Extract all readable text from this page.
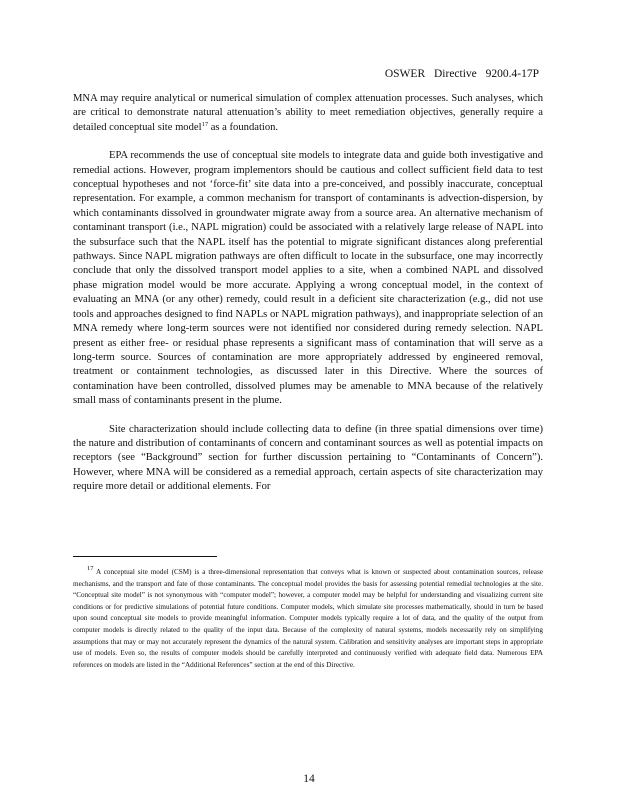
OSWER Directive 9200.4-17P

MNA may require analytical or numerical simulation of complex attenuation processes. Such analyses, which are critical to demonstrate natural attenuation’s ability to meet remediation objectives, generally require a detailed conceptual site model$^{17}$ as a foundation.

EPA recommends the use of conceptual site models to integrate data and guide both investigative and remedial actions. However, program implementors should be cautious and collect sufficient field data to test conceptual hypotheses and not ‘force-fit’ site data into a pre-conceived, and possibly inaccurate, conceptual representation. For example, a common mechanism for transport of contaminants is advection-dispersion, by which contaminants dissolved in groundwater migrate away from a source area. An alternative mechanism of contaminant transport (i.e., NAPL migration) could be associated with a relatively large release of NAPL into the subsurface such that the NAPL itself has the potential to migrate significant distances along preferential pathways. Since NAPL migration pathways are often difficult to locate in the subsurface, one may incorrectly conclude that only the dissolved transport model applies to a site, when a combined NAPL and dissolved phase migration model would be more accurate. Applying a wrong conceptual model, in the context of evaluating an MNA (or any other) remedy, could result in a deficient site characterization (e.g., did not use tools and approaches designed to find NAPLs or NAPL migration pathways), and inappropriate selection of an MNA remedy where long-term sources were not identified nor considered during remedy selection. NAPL present as either free- or residual phase represents a significant mass of contamination that will serve as a long-term source. Sources of contamination are more appropriately addressed by engineered removal, treatment or containment technologies, as discussed later in this Directive. Where the sources of contamination have been controlled, dissolved plumes may be amenable to MNA because of the relatively small mass of contaminants present in the plume.

Site characterization should include collecting data to define (in three spatial dimensions over time) the nature and distribution of contaminants of concern and contaminant sources as well as potential impacts on receptors (see “Background” section for further discussion pertaining to “Contaminants of Concern”). However, where MNA will be considered as a remedial approach, certain aspects of site characterization may require more detail or additional elements. For

$^{17}$ A conceptual site model (CSM) is a three-dimensional representation that conveys what is known or suspected about contamination sources, release mechanisms, and the transport and fate of those contaminants. The conceptual model provides the basis for assessing potential remedial technologies at the site. “Conceptual site model” is not synonymous with “computer model”; however, a computer model may be helpful for understanding and visualizing current site conditions or for predictive simulations of potential future conditions. Computer models, which simulate site processes mathematically, should in turn be based upon sound conceptual site models to provide meaningful information. Computer models typically require a lot of data, and the quality of the output from computer models is directly related to the quality of the input data. Because of the complexity of natural systems, models necessarily rely on simplifying assumptions that may or may not accurately represent the dynamics of the natural system. Calibration and sensitivity analyses are important steps in appropriate use of models. Even so, the results of computer models should be carefully interpreted and continuously verified with adequate field data. Numerous EPA references on models are listed in the “Additional References” section at the end of this Directive.
14
